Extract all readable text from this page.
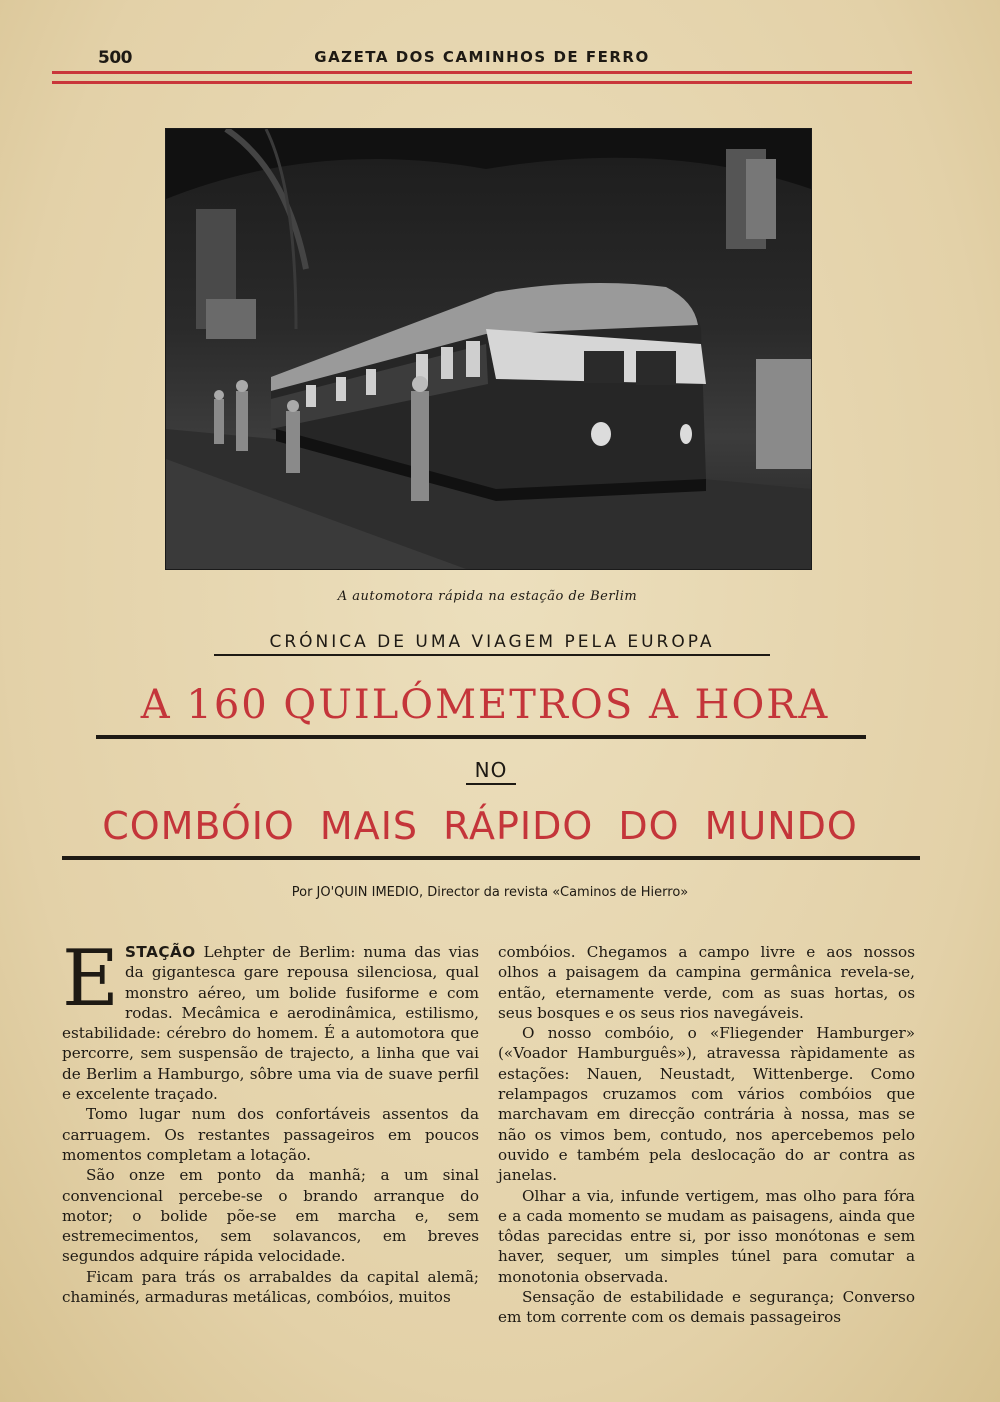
500	GAZETA DOS CAMINHOS DE FERRO
A automotora rápida na estação de Berlim
CRÓNICA DE UMA VIAGEM PELA EUROPA
A 160 QUILÓMETROS A HORA
NO
COMBÓIO MAIS RÁPIDO DO MUNDO
Por JO'QUIN IMEDIO, Director da revista «Caminos de Hierro»

ESTAÇÃO Lehpter de Berlim: numa das vias da gigantesca gare repousa silenciosa, qual monstro aéreo, um bolide fusiforme e com rodas. Mecâmica e aerodinâmica, estilismo, estabilidade: cérebro do homem. É a automotora que percorre, sem suspensão de trajecto, a linha que vai de Berlim a Hamburgo, sôbre uma via de suave perfil e excelente traçado.

Tomo lugar num dos confortáveis assentos da carruagem. Os restantes passageiros em poucos momentos completam a lotação.

São onze em ponto da manhã; a um sinal convencional percebe-se o brando arranque do motor; o bolide põe-se em marcha e, sem estremecimentos, sem solavancos, em breves segundos adquire rápida velocidade.

Ficam para trás os arrabaldes da capital alemã; chaminés, armaduras metálicas, combóios, muitos

combóios. Chegamos a campo livre e aos nossos olhos a paisagem da campina germânica revela-se, então, eternamente verde, com as suas hortas, os seus bosques e os seus rios navegáveis.

O nosso combóio, o «Fliegender Hamburger» («Voador Hamburguês»), atravessa ràpidamente as estações: Nauen, Neustadt, Wittenberge. Como relampagos cruzamos com vários combóios que marchavam em direcção contrária à nossa, mas se não os vimos bem, contudo, nos apercebemos pelo ouvido e também pela deslocação do ar contra as janelas.

Olhar a via, infunde vertigem, mas olho para fóra e a cada momento se mudam as paisagens, ainda que tôdas parecidas entre si, por isso monótonas e sem haver, sequer, um simples túnel para comutar a monotonia observada.

Sensação de estabilidade e segurança; Converso em tom corrente com os demais passageiros
